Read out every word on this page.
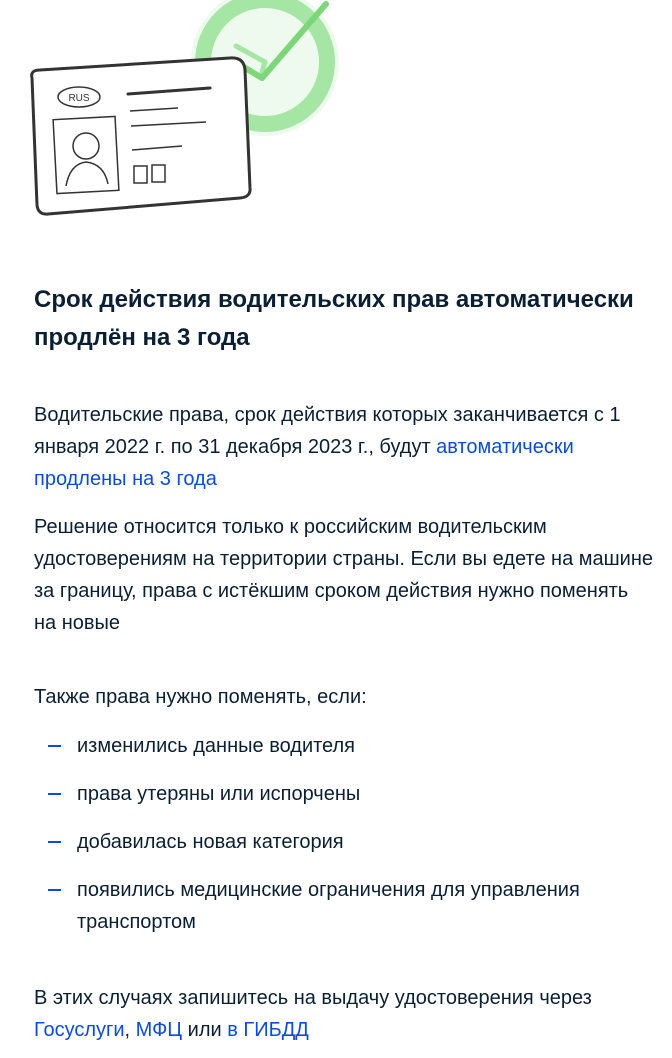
RUS
Срок действия водительских прав автоматически продлён на 3 года

Водительские права, срок действия которых заканчивается с 1 января 2022 г. по 31 декабря 2023 г., будут автоматически продлены на 3 года

Решение относится только к российским водительским удостоверениям на территории страны. Если вы едете на машине за границу, права с истёкшим сроком действия нужно поменять на новые

Также права нужно поменять, если:

изменились данные водителя
права утеряны или испорчены
добавилась новая категория
появились медицинские ограничения для управления транспортом

В этих случаях запишитесь на выдачу удостоверения через Госуслуги, МФЦ или в ГИБДД
